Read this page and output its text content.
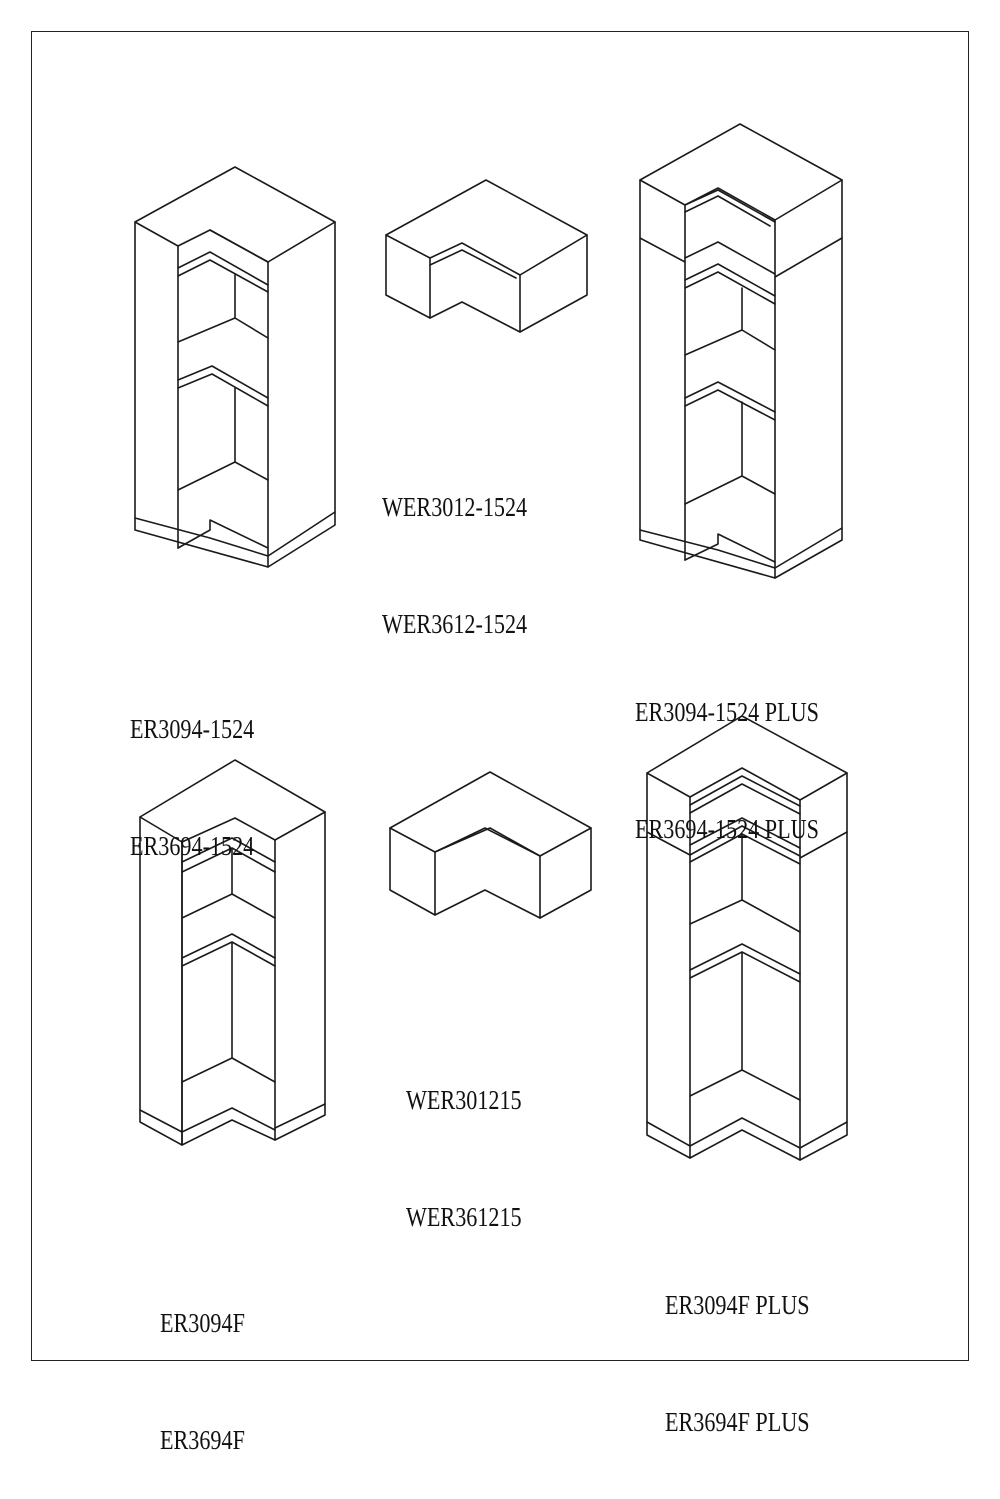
ER3094-1524

ER3694-1524

WER3012-1524

WER3612-1524

ER3094-1524 PLUS

ER3694-1524 PLUS

ER3094F

ER3694F

WER301215

WER361215

ER3094F PLUS

ER3694F PLUS
